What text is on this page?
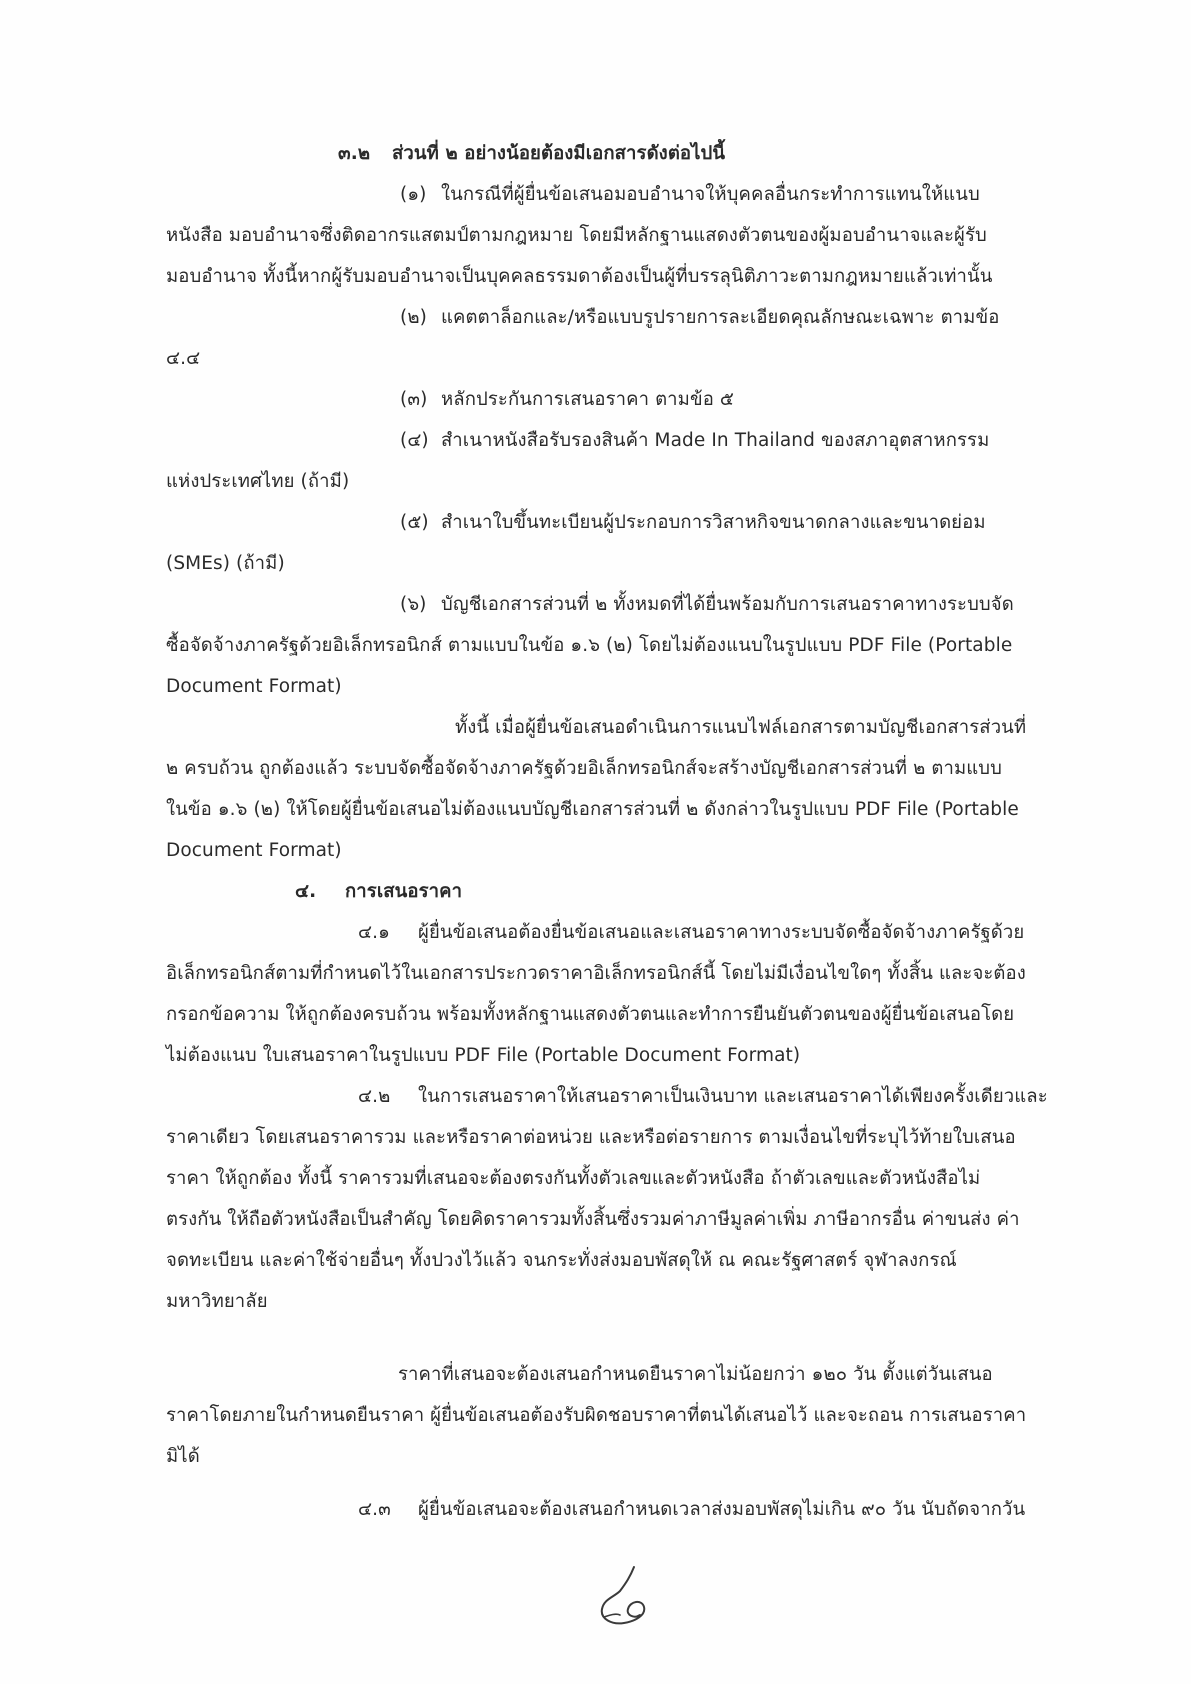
๓.๒ ส่วนที่ ๒ อย่างน้อยต้องมีเอกสารดังต่อไปนี้
(๑) ในกรณีที่ผู้ยื่นข้อเสนอมอบอำนาจให้บุคคลอื่นกระทำการแทนให้แนบ
หนังสือ มอบอำนาจซึ่งติดอากรแสตมป์ตามกฎหมาย โดยมีหลักฐานแสดงตัวตนของผู้มอบอำนาจและผู้รับ
มอบอำนาจ ทั้งนี้หากผู้รับมอบอำนาจเป็นบุคคลธรรมดาต้องเป็นผู้ที่บรรลุนิติภาวะตามกฎหมายแล้วเท่านั้น
(๒) แคตตาล็อกและ/หรือแบบรูปรายการละเอียดคุณลักษณะเฉพาะ ตามข้อ
๔.๔
(๓) หลักประกันการเสนอราคา ตามข้อ ๕
(๔) สำเนาหนังสือรับรองสินค้า Made In Thailand ของสภาอุตสาหกรรม
แห่งประเทศไทย (ถ้ามี)
(๕) สำเนาใบขึ้นทะเบียนผู้ประกอบการวิสาหกิจขนาดกลางและขนาดย่อม
(SMEs) (ถ้ามี)
(๖) บัญชีเอกสารส่วนที่ ๒ ทั้งหมดที่ได้ยื่นพร้อมกับการเสนอราคาทางระบบจัด
ซื้อจัดจ้างภาครัฐด้วยอิเล็กทรอนิกส์ ตามแบบในข้อ ๑.๖ (๒) โดยไม่ต้องแนบในรูปแบบ PDF File (Portable
Document Format)
ทั้งนี้ เมื่อผู้ยื่นข้อเสนอดำเนินการแนบไฟล์เอกสารตามบัญชีเอกสารส่วนที่
๒ ครบถ้วน ถูกต้องแล้ว ระบบจัดซื้อจัดจ้างภาครัฐด้วยอิเล็กทรอนิกส์จะสร้างบัญชีเอกสารส่วนที่ ๒ ตามแบบ
ในข้อ ๑.๖ (๒) ให้โดยผู้ยื่นข้อเสนอไม่ต้องแนบบัญชีเอกสารส่วนที่ ๒ ดังกล่าวในรูปแบบ PDF File (Portable
Document Format)
๔. การเสนอราคา
๔.๑ ผู้ยื่นข้อเสนอต้องยื่นข้อเสนอและเสนอราคาทางระบบจัดซื้อจัดจ้างภาครัฐด้วย
อิเล็กทรอนิกส์ตามที่กำหนดไว้ในเอกสารประกวดราคาอิเล็กทรอนิกส์นี้ โดยไม่มีเงื่อนไขใดๆ ทั้งสิ้น และจะต้อง
กรอกข้อความ ให้ถูกต้องครบถ้วน พร้อมทั้งหลักฐานแสดงตัวตนและทำการยืนยันตัวตนของผู้ยื่นข้อเสนอโดย
ไม่ต้องแนบ ใบเสนอราคาในรูปแบบ PDF File (Portable Document Format)
๔.๒ ในการเสนอราคาให้เสนอราคาเป็นเงินบาท และเสนอราคาได้เพียงครั้งเดียวและ
ราคาเดียว โดยเสนอราคารวม และหรือราคาต่อหน่วย และหรือต่อรายการ ตามเงื่อนไขที่ระบุไว้ท้ายใบเสนอ
ราคา ให้ถูกต้อง ทั้งนี้ ราคารวมที่เสนอจะต้องตรงกันทั้งตัวเลขและตัวหนังสือ ถ้าตัวเลขและตัวหนังสือไม่
ตรงกัน ให้ถือตัวหนังสือเป็นสำคัญ โดยคิดราคารวมทั้งสิ้นซึ่งรวมค่าภาษีมูลค่าเพิ่ม ภาษีอากรอื่น ค่าขนส่ง ค่า
จดทะเบียน และค่าใช้จ่ายอื่นๆ ทั้งปวงไว้แล้ว จนกระทั่งส่งมอบพัสดุให้ ณ คณะรัฐศาสตร์ จุฬาลงกรณ์
มหาวิทยาลัย
ราคาที่เสนอจะต้องเสนอกำหนดยืนราคาไม่น้อยกว่า ๑๒๐ วัน ตั้งแต่วันเสนอ
ราคาโดยภายในกำหนดยืนราคา ผู้ยื่นข้อเสนอต้องรับผิดชอบราคาที่ตนได้เสนอไว้ และจะถอน การเสนอราคา
มิได้
๔.๓ ผู้ยื่นข้อเสนอจะต้องเสนอกำหนดเวลาส่งมอบพัสดุไม่เกิน ๙๐ วัน นับถัดจากวัน
๕
